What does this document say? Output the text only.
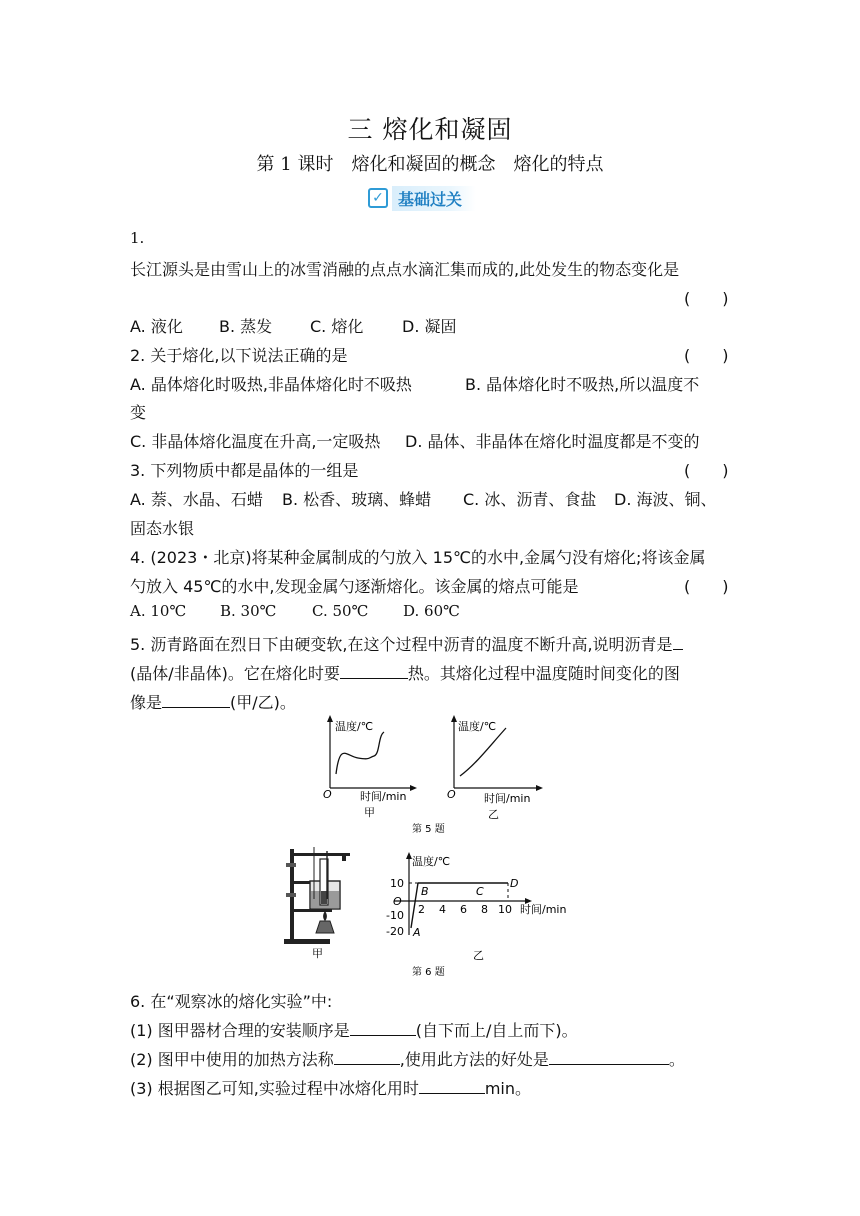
三 熔化和凝固
第 1 课时　熔化和凝固的概念　熔化的特点
✓ 基础过关
1.
长江源头是由雪山上的冰雪消融的点点水滴汇集而成的,此处发生的物态变化是
(　　)
A. 液化 B. 蒸发 C. 熔化 D. 凝固
2. 关于熔化,以下说法正确的是	(　　)
A. 晶体熔化时吸热,非晶体熔化时不吸热	B. 晶体熔化时不吸热,所以温度不
变
C. 非晶体熔化温度在升高,一定吸热 D. 晶体、非晶体在熔化时温度都是不变的
3. 下列物质中都是晶体的一组是	(　　)
A. 萘、水晶、石蜡 B. 松香、玻璃、蜂蜡 C. 冰、沥青、食盐 D. 海波、铜、
固态水银
4. (2023・北京)将某种金属制成的勺放入 15℃的水中,金属勺没有熔化;将该金属
勺放入 45℃的水中,发现金属勺逐渐熔化。该金属的熔点可能是	(　　)
A. 10℃ B. 30℃ C. 50℃ D. 60℃
5. 沥青路面在烈日下由硬变软,在这个过程中沥青的温度不断升高,说明沥青是
(晶体/非晶体)。它在熔化时要	热。其熔化过程中温度随时间变化的图
像是	(甲/乙)。
温度/℃
O	时间/min
甲
温度/℃
O	时间/min
乙
第 5 题
甲
温度/℃
10
O
-10
-20
2 4 6 8 10 时间/min
A
B	C
D
乙
第 6 题
6. 在“观察冰的熔化实验”中:
(1) 图甲器材合理的安装顺序是	(自下而上/自上而下)。
(2) 图甲中使用的加热方法称	,使用此方法的好处是	。
(3) 根据图乙可知,实验过程中冰熔化用时	min。
